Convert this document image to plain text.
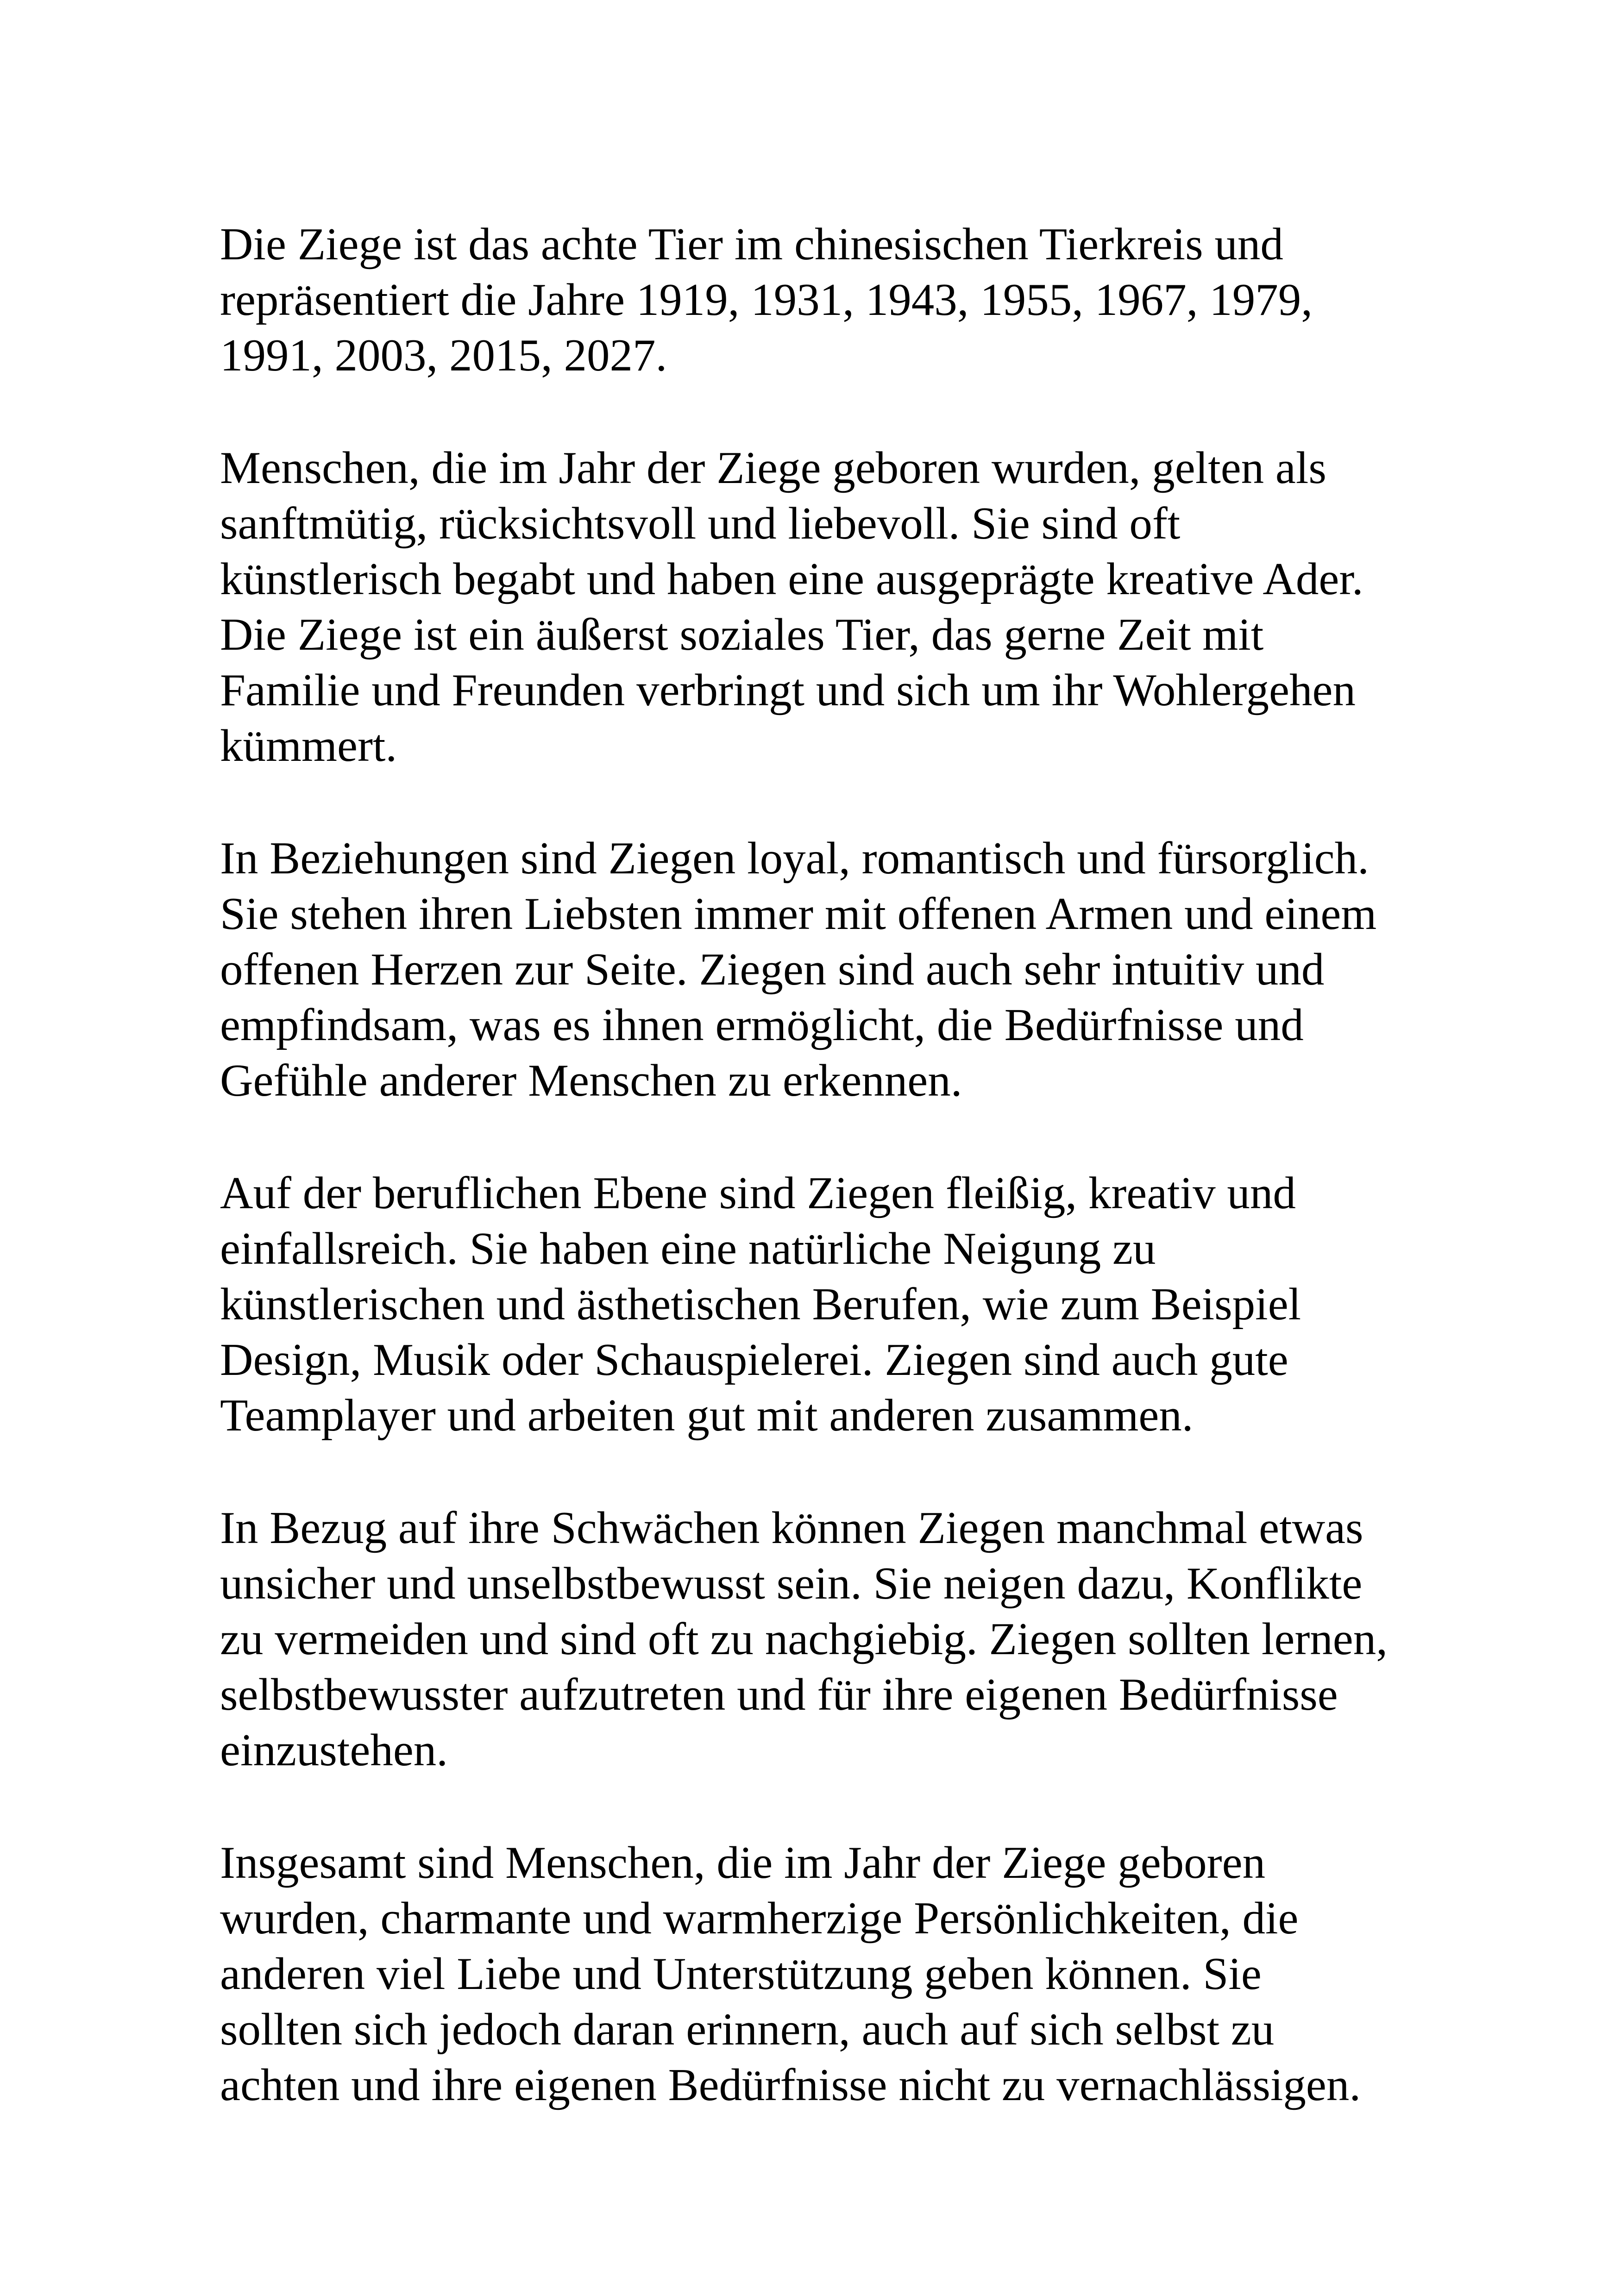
Die Ziege ist das achte Tier im chinesischen Tierkreis und
repräsentiert die Jahre 1919, 1931, 1943, 1955, 1967, 1979,
1991, 2003, 2015, 2027.

Menschen, die im Jahr der Ziege geboren wurden, gelten als
sanftmütig, rücksichtsvoll und liebevoll. Sie sind oft
künstlerisch begabt und haben eine ausgeprägte kreative Ader.
Die Ziege ist ein äußerst soziales Tier, das gerne Zeit mit
Familie und Freunden verbringt und sich um ihr Wohlergehen
kümmert.

In Beziehungen sind Ziegen loyal, romantisch und fürsorglich.
Sie stehen ihren Liebsten immer mit offenen Armen und einem
offenen Herzen zur Seite. Ziegen sind auch sehr intuitiv und
empfindsam, was es ihnen ermöglicht, die Bedürfnisse und
Gefühle anderer Menschen zu erkennen.

Auf der beruflichen Ebene sind Ziegen fleißig, kreativ und
einfallsreich. Sie haben eine natürliche Neigung zu
künstlerischen und ästhetischen Berufen, wie zum Beispiel
Design, Musik oder Schauspielerei. Ziegen sind auch gute
Teamplayer und arbeiten gut mit anderen zusammen.

In Bezug auf ihre Schwächen können Ziegen manchmal etwas
unsicher und unselbstbewusst sein. Sie neigen dazu, Konflikte
zu vermeiden und sind oft zu nachgiebig. Ziegen sollten lernen,
selbstbewusster aufzutreten und für ihre eigenen Bedürfnisse
einzustehen.

Insgesamt sind Menschen, die im Jahr der Ziege geboren
wurden, charmante und warmherzige Persönlichkeiten, die
anderen viel Liebe und Unterstützung geben können. Sie
sollten sich jedoch daran erinnern, auch auf sich selbst zu
achten und ihre eigenen Bedürfnisse nicht zu vernachlässigen.
